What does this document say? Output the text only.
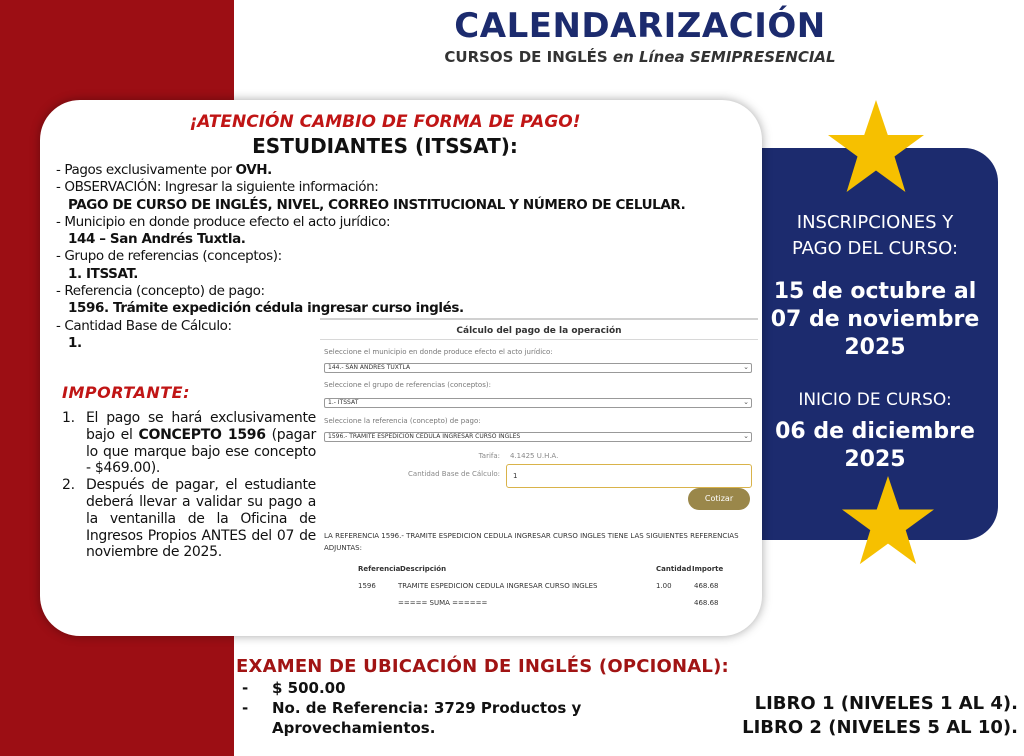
CALENDARIZACIÓN
CURSOS DE INGLÉS en Línea SEMIPRESENCIAL
INSCRIPCIONES Y
PAGO DEL CURSO:
15 de octubre al
07 de noviembre
2025
INICIO DE CURSO:
06 de diciembre
2025
¡ATENCIÓN CAMBIO DE FORMA DE PAGO!
ESTUDIANTES (ITSSAT):
- Pagos exclusivamente por OVH.
- OBSERVACIÓN: Ingresar la siguiente información:
PAGO DE CURSO DE INGLÉS, NIVEL, CORREO INSTITUCIONAL Y NÚMERO DE CELULAR.
- Municipio en donde produce efecto el acto jurídico:
144 – San Andrés Tuxtla.
- Grupo de referencias (conceptos):
1. ITSSAT.
- Referencia (concepto) de pago:
1596. Trámite expedición cédula ingresar curso inglés.
- Cantidad Base de Cálculo:
1.
IMPORTANTE:
1. El pago se hará exclusivamente bajo el CONCEPTO 1596 (pagar lo que marque bajo ese concepto - $469.00).
2. Después de pagar, el estudiante deberá llevar a validar su pago a la ventanilla de la Oficina de Ingresos Propios ANTES del 07 de noviembre de 2025.
Cálculo del pago de la operación
Seleccione el municipio en donde produce efecto el acto jurídico:
144.- SAN ANDRES TUXTLA	⌄
Seleccione el grupo de referencias (conceptos):
1.- ITSSAT	⌄
Seleccione la referencia (concepto) de pago:
1596.- TRAMITE ESPEDICION CEDULA INGRESAR CURSO INGLES	⌄
Tarifa: 4.1425 U.H.A.
Cantidad Base de Cálculo:	1
Cotizar
LA REFERENCIA 1596.- TRAMITE ESPEDICION CEDULA INGRESAR CURSO INGLES TIENE LAS SIGUIENTES REFERENCIAS ADJUNTAS:
Referencia Descripción	Cantidad Importe
1596	TRAMITE ESPEDICION CEDULA INGRESAR CURSO INGLES	1.00	468.68
===== SUMA ======	468.68
EXAMEN DE UBICACIÓN DE INGLÉS (OPCIONAL):
-	$ 500.00
-	No. de Referencia: 3729 Productos y
Aprovechamientos.
LIBRO 1 (NIVELES 1 AL 4).
LIBRO 2 (NIVELES 5 AL 10).
